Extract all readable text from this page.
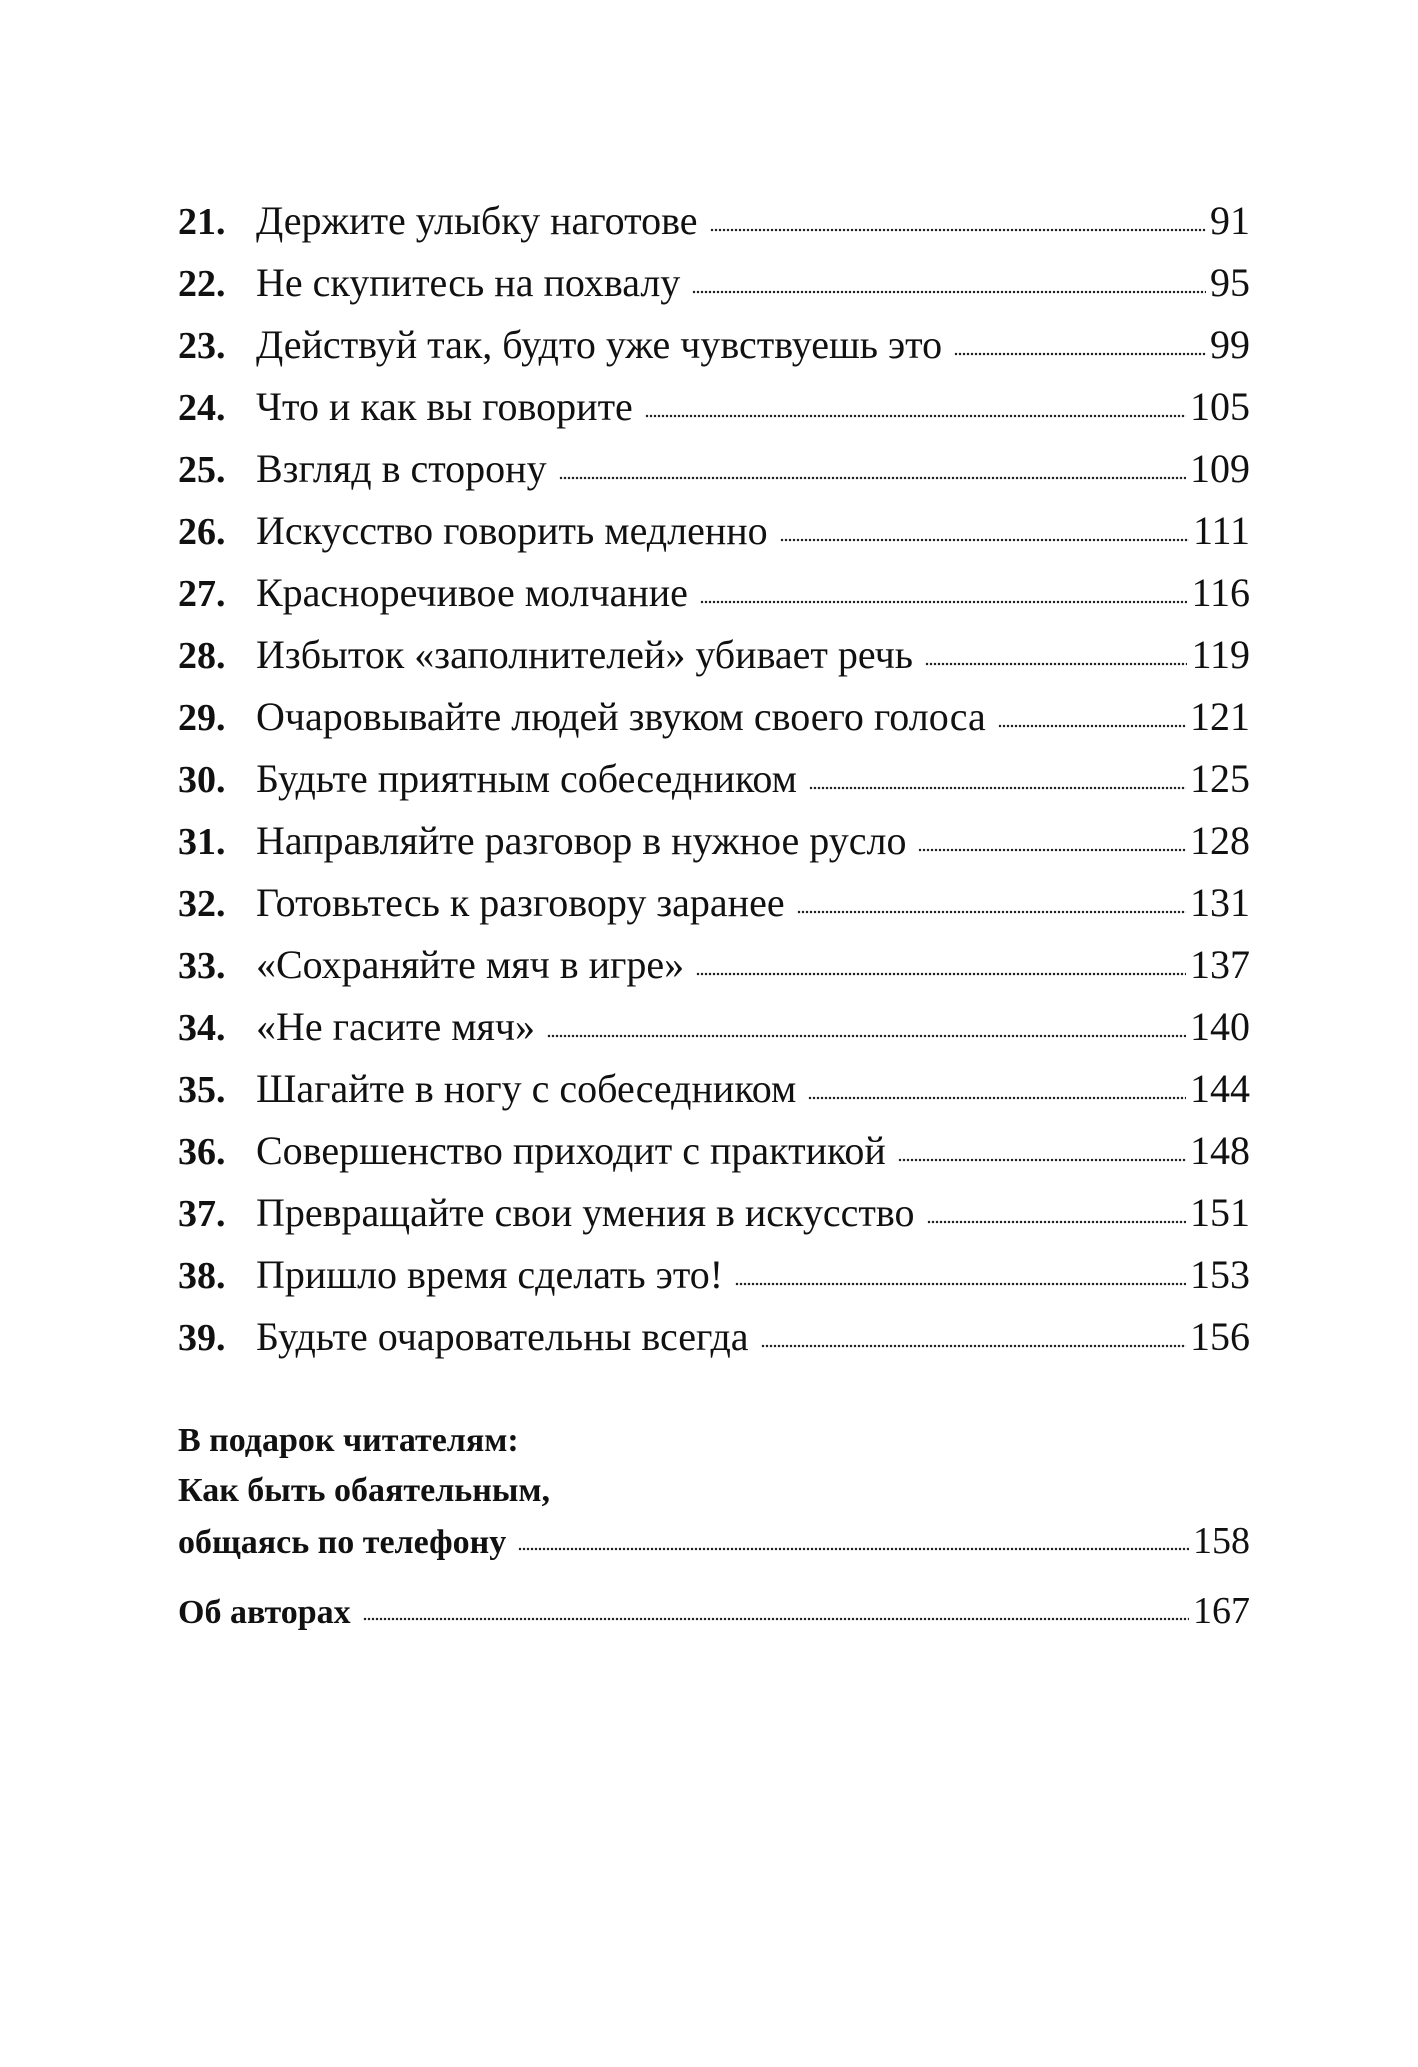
21. Держите улыбку наготове	91
22. Не скупитесь на похвалу	95
23. Действуй так, будто уже чувствуешь это	99
24. Что и как вы говорите	105
25. Взгляд в сторону	109
26. Искусство говорить медленно	111
27. Красноречивое молчание	116
28. Избыток «заполнителей» убивает речь	119
29. Очаровывайте людей звуком своего голоса	121
30. Будьте приятным собеседником	125
31. Направляйте разговор в нужное русло	128
32. Готовьтесь к разговору заранее	131
33. «Сохраняйте мяч в игре»	137
34. «Не гасите мяч»	140
35. Шагайте в ногу с собеседником	144
36. Совершенство приходит с практикой	148
37. Превращайте свои умения в искусство	151
38. Пришло время сделать это!	153
39. Будьте очаровательны всегда	156
В подарок читателям:
Как быть обаятельным,
общаясь по телефону	158
Об авторах	167
